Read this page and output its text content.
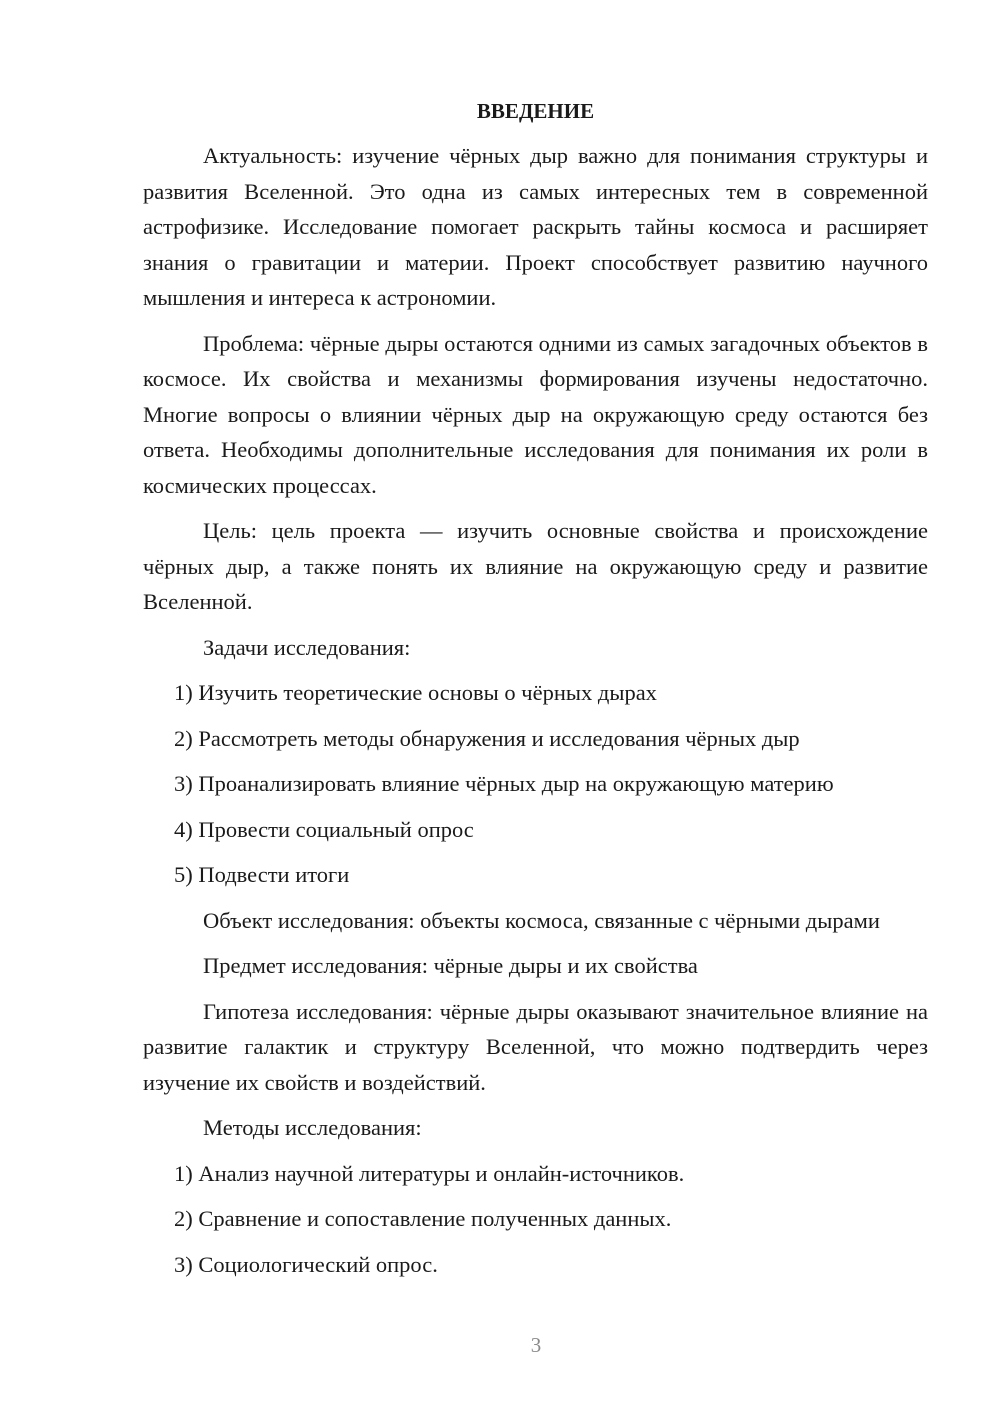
ВВЕДЕНИЕ

Актуальность: изучение чёрных дыр важно для понимания структуры и развития Вселенной. Это одна из самых интересных тем в современной астрофизике. Исследование помогает раскрыть тайны космоса и расширяет знания о гравитации и материи. Проект способствует развитию научного мышления и интереса к астрономии.

Проблема: чёрные дыры остаются одними из самых загадочных объектов в космосе. Их свойства и механизмы формирования изучены недостаточно. Многие вопросы о влиянии чёрных дыр на окружающую среду остаются без ответа. Необходимы дополнительные исследования для понимания их роли в космических процессах.

Цель: цель проекта — изучить основные свойства и происхождение чёрных дыр, а также понять их влияние на окружающую среду и развитие Вселенной.

Задачи исследования:

1) Изучить теоретические основы о чёрных дырах
2) Рассмотреть методы обнаружения и исследования чёрных дыр
3) Проанализировать влияние чёрных дыр на окружающую материю
4) Провести социальный опрос
5) Подвести итоги

Объект исследования: объекты космоса, связанные с чёрными дырами

Предмет исследования: чёрные дыры и их свойства

Гипотеза исследования: чёрные дыры оказывают значительное влияние на развитие галактик и структуру Вселенной, что можно подтвердить через изучение их свойств и воздействий.

Методы исследования:

1) Анализ научной литературы и онлайн-источников.
2) Сравнение и сопоставление полученных данных.
3) Социологический опрос.
3
